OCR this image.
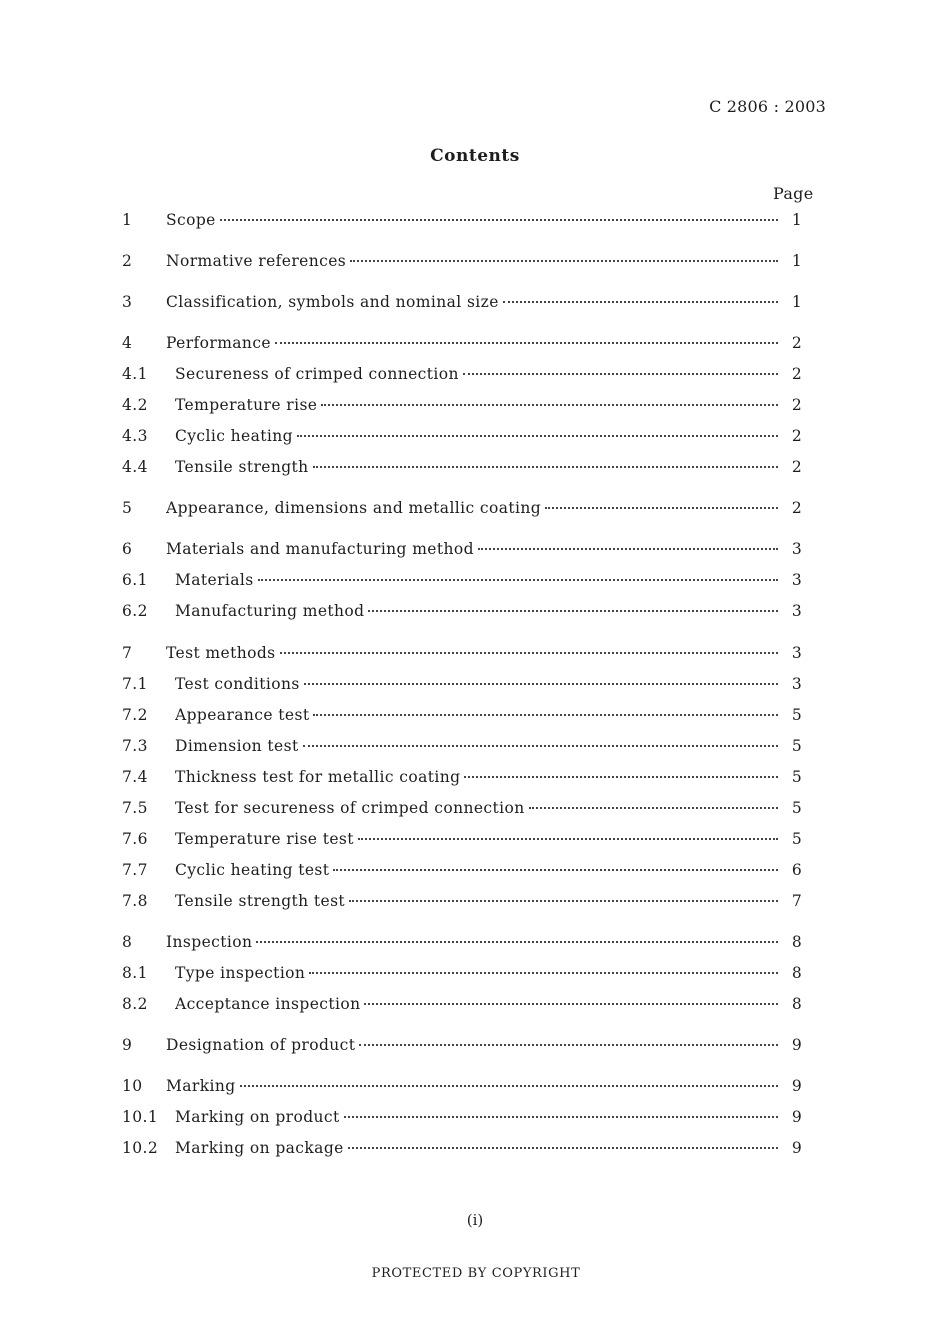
C 2806 : 2003
Contents
Page
1	Scope	1
2	Normative references	1
3	Classification, symbols and nominal size	1
4	Performance	2
4.1	Secureness of crimped connection	2
4.2	Temperature rise	2
4.3	Cyclic heating	2
4.4	Tensile strength	2
5	Appearance, dimensions and metallic coating	2
6	Materials and manufacturing method	3
6.1	Materials	3
6.2	Manufacturing method	3
7	Test methods	3
7.1	Test conditions	3
7.2	Appearance test	5
7.3	Dimension test	5
7.4	Thickness test for metallic coating	5
7.5	Test for secureness of crimped connection	5
7.6	Temperature rise test	5
7.7	Cyclic heating test	6
7.8	Tensile strength test	7
8	Inspection	8
8.1	Type inspection	8
8.2	Acceptance inspection	8
9	Designation of product	9
10	Marking	9
10.1	Marking on product	9
10.2	Marking on package	9
(i)
PROTECTED ΒY COPYRIGHT
